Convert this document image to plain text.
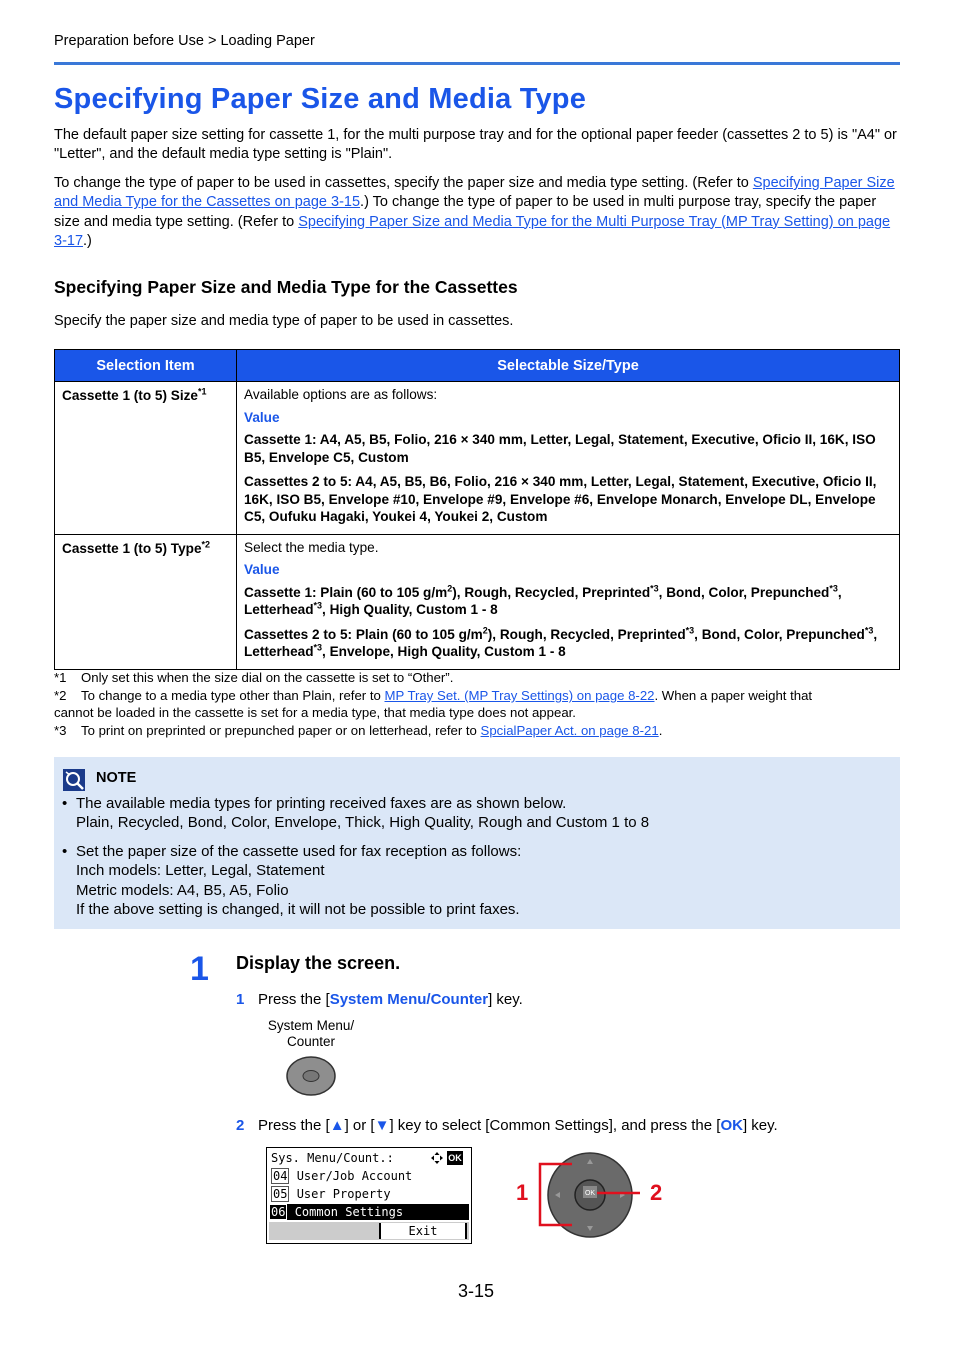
Preparation before Use > Loading Paper
Specifying Paper Size and Media Type
The default paper size setting for cassette 1, for the multi purpose tray and for the optional paper feeder (cassettes 2 to 5) is "A4" or "Letter", and the default media type setting is "Plain".
To change the type of paper to be used in cassettes, specify the paper size and media type setting. (Refer to Specifying Paper Size and Media Type for the Cassettes on page 3-15.) To change the type of paper to be used in multi purpose tray, specify the paper size and media type setting. (Refer to Specifying Paper Size and Media Type for the Multi Purpose Tray (MP Tray Setting) on page 3-17.)
Specifying Paper Size and Media Type for the Cassettes
Specify the paper size and media type of paper to be used in cassettes.
Selection Item	Selectable Size/Type
Cassette 1 (to 5) Size$^{*1}$	Available options are as follows:
Value
Cassette 1: A4, A5, B5, Folio, 216 × 340 mm, Letter, Legal, Statement, Executive, Oficio II, 16K, ISO B5, Envelope C5, Custom
Cassettes 2 to 5: A4, A5, B5, B6, Folio, 216 × 340 mm, Letter, Legal, Statement, Executive, Oficio II, 16K, ISO B5, Envelope #10, Envelope #9, Envelope #6, Envelope Monarch, Envelope DL, Envelope C5, Oufuku Hagaki, Youkei 4, Youkei 2, Custom

Cassette 1 (to 5) Type$^{*2}$	Select the media type.
Value
Cassette 1: Plain (60 to 105 $g/m^2$), Rough, Recycled, Preprinted$^{*3}$, Bond, Color, Prepunched$^{*3}$, Letterhead$^{*3}$, High Quality, Custom 1 - 8
Cassettes 2 to 5: Plain (60 to 105 $g/m^2$), Rough, Recycled, Preprinted$^{*3}$, Bond, Color, Prepunched$^{*3}$, Letterhead$^{*3}$, Envelope, High Quality, Custom 1 - 8
*1 Only set this when the size dial on the cassette is set to “Other”.
*2 To change to a media type other than Plain, refer to MP Tray Set. (MP Tray Settings) on page 8-22. When a paper weight that
cannot be loaded in the cassette is set for a media type, that media type does not appear.
*3 To print on preprinted or prepunched paper or on letterhead, refer to SpcialPaper Act. on page 8-21.
NOTE
• The available media types for printing received faxes are as shown below.
Plain, Recycled, Bond, Color, Envelope, Thick, High Quality, Rough and Custom 1 to 8
• Set the paper size of the cassette used for fax reception as follows:
Inch models: Letter, Legal, Statement
Metric models: A4, B5, A5, Folio
If the above setting is changed, it will not be possible to print faxes.
1 Display the screen.
1 Press the [System Menu/Counter] key.
System Menu/
Counter
2 Press the [▲] or [▼] key to select [Common Settings], and press the [OK] key.
Sys. Menu/Count.:	OK
04 User/Job Account
05 User Property
06 Common Settings
Exit
OK
1	2
3-15
